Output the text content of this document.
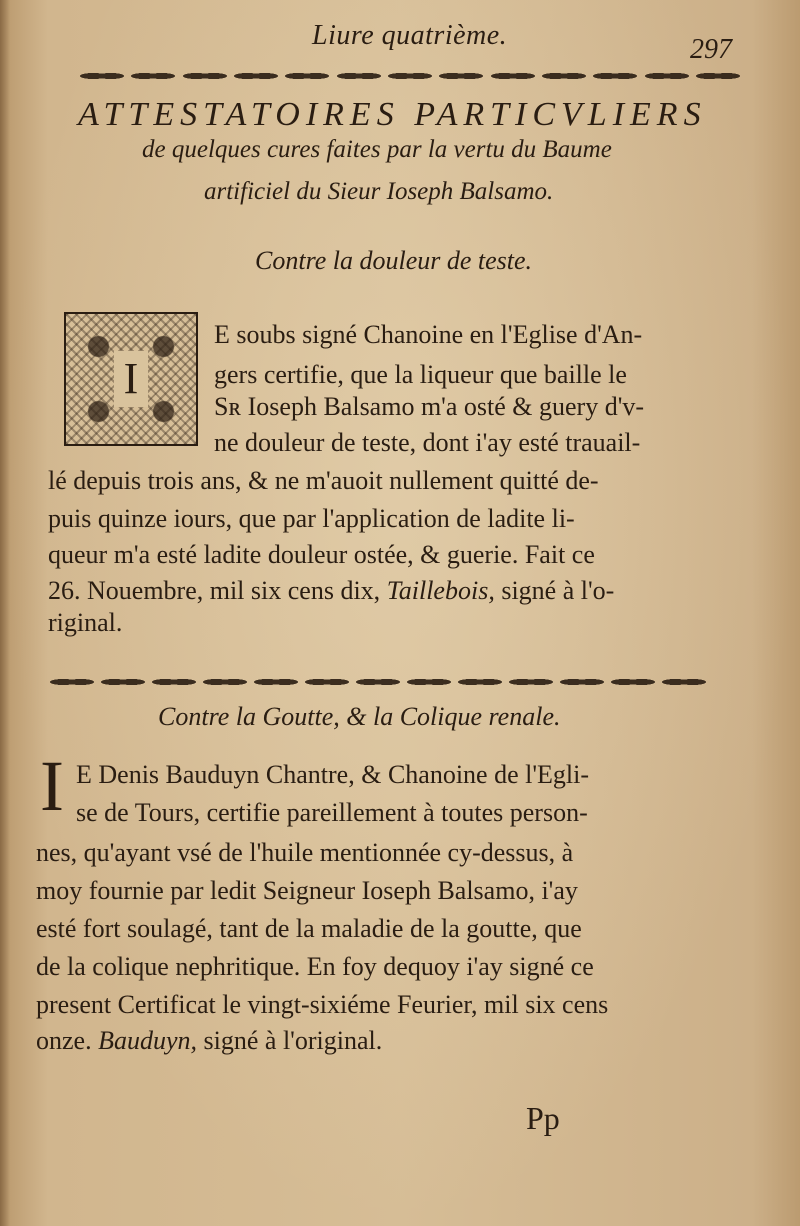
Liure quatrième.	297
ATTESTATOIRES PARTICVLIERS
de quelques cures faites par la vertu du Baume
artificiel du Sieur Ioseph Balsamo.
Contre la douleur de teste.
I
E soubs signé Chanoine en l'Eglise d'An-
gers certifie, que la liqueur que baille le
Sʀ Ioseph Balsamo m'a osté & guery d'v-
ne douleur de teste, dont i'ay esté trauail-
lé depuis trois ans, & ne m'auoit nullement quitté de-
puis quinze iours, que par l'application de ladite li-
queur m'a esté ladite douleur ostée, & guerie. Fait ce
26. Nouembre, mil six cens dix, Taillebois, signé à l'o-
riginal.
Contre la Goutte, & la Colique renale.
I E Denis Bauduyn Chantre, & Chanoine de l'Egli-
se de Tours, certifie pareillement à toutes person-
nes, qu'ayant vsé de l'huile mentionnée cy-dessus, à
moy fournie par ledit Seigneur Ioseph Balsamo, i'ay
esté fort soulagé, tant de la maladie de la goutte, que
de la colique nephritique. En foy dequoy i'ay signé ce
present Certificat le vingt-sixiéme Feurier, mil six cens
onze. Bauduyn, signé à l'original.
Pp
